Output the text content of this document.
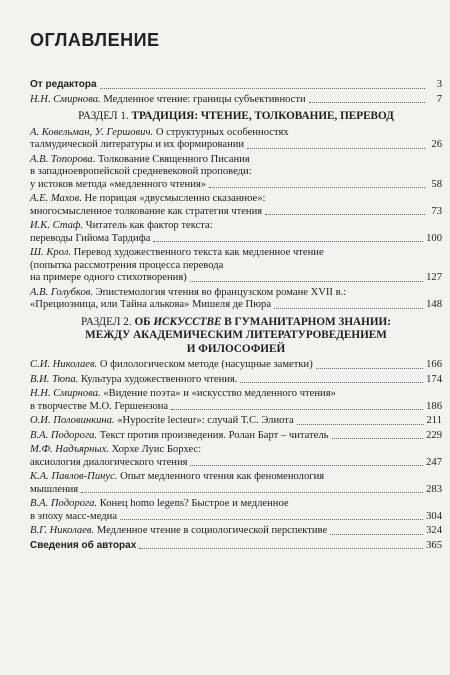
ОГЛАВЛЕНИЕ
От редактора	3
Н.Н. Смирнова. Медленное чтение: границы субъективности	7
РАЗДЕЛ 1. ТРАДИЦИЯ: ЧТЕНИЕ, ТОЛКОВАНИЕ, ПЕРЕВОД
А. Ковельман, У. Гершович. О структурных особенностях
талмудической литературы и их формировании	26
А.В. Топорова. Толкование Священного Писания
в западноевропейской средневековой проповеди:
у истоков метода «медленного чтения»	58
А.Е. Махов. Не порицая «двусмысленно сказанное»:
многосмысленное толкование как стратегия чтения	73
И.К. Стаф. Читатель как фактор текста:
переводы Гийома Тардифа	100
Ш. Крол. Перевод художественного текста как медленное чтение
(попытка рассмотрения процесса перевода
на примере одного стихотворения)	127
А.В. Голубков. Эпистемология чтения во французском романе XVII в.:
«Прециозница, или Тайна алькова» Мишеля де Пюра	148
РАЗДЕЛ 2. ОБ ИСКУССТВЕ В ГУМАНИТАРНОМ ЗНАНИИ:
МЕЖДУ АКАДЕМИЧЕСКИМ ЛИТЕРАТУРОВЕДЕНИЕМ
И ФИЛОСОФИЕЙ
С.И. Николаев. О филологическом методе (насущные заметки)	166
В.И. Тюпа. Культура художественного чтения.	174
Н.Н. Смирнова. «Видение поэта» и «искусство медленного чтения»
в творчестве М.О. Гершензона	186
О.И. Половинкина. «Hypocrite lecteur»: случай Т.С. Элиота	211
В.А. Подорога. Текст против произведения. Ролан Барт – читатель	229
М.Ф. Надъярных. Хорхе Луис Борхес:
аксиология диалогического чтения	247
К.А. Павлов-Пинус. Опыт медленного чтения как феноменология
мышления	283
В.А. Подорога. Конец homo legens? Быстрое и медленное
в эпоху масс-медиа	304
В.Г. Николаев. Медленное чтение в социологической перспективе	324
Сведения об авторах	365
